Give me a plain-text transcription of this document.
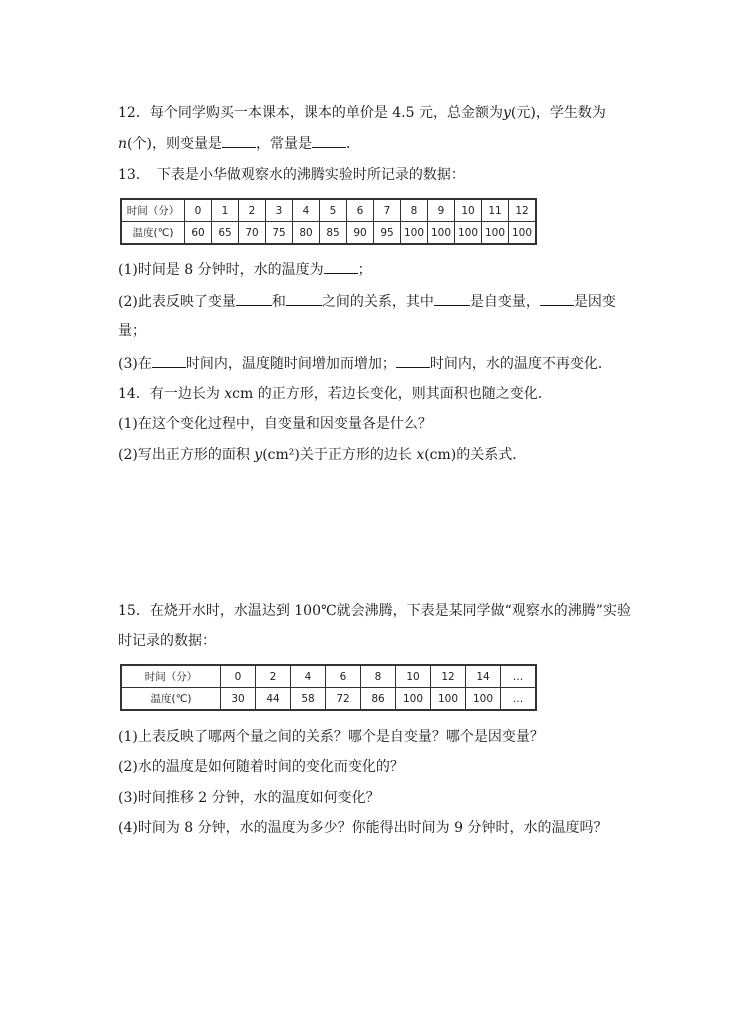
12．每个同学购买一本课本，课本的单价是 4.5 元，总金额为y(元)，学生数为
n(个)，则变量是 ，常量是 ．
13．　下表是小华做观察水的沸腾实验时所记录的数据：
时间（分）	0	1	2	3	4	5	6	7	8	9	10	11	12
温度(℃)	60	65	70	75	80	85	90	95	100	100	100	100	100
(1)时间是 8 分钟时，水的温度为 ；
(2)此表反映了变量	和	之间的关系，其中	是自变量， 是因变
量；
(3)在 时间内，温度随时间增加而增加； 时间内，水的温度不再变化．
14．有一边长为 xcm 的正方形，若边长变化，则其面积也随之变化．
(1)在这个变化过程中，自变量和因变量各是什么？
(2)写出正方形的面积 y(cm²)关于正方形的边长 x(cm)的关系式．
15．在烧开水时，水温达到 100℃就会沸腾，下表是某同学做“观察水的沸腾”实验
时记录的数据：
时间（分）	0	2	4	6	8	10	12	14	…
温度(℃)	30	44	58	72	86	100	100	100	…
(1)上表反映了哪两个量之间的关系？哪个是自变量？哪个是因变量？
(2)水的温度是如何随着时间的变化而变化的？
(3)时间推移 2 分钟，水的温度如何变化？
(4)时间为 8 分钟，水的温度为多少？你能得出时间为 9 分钟时，水的温度吗？
